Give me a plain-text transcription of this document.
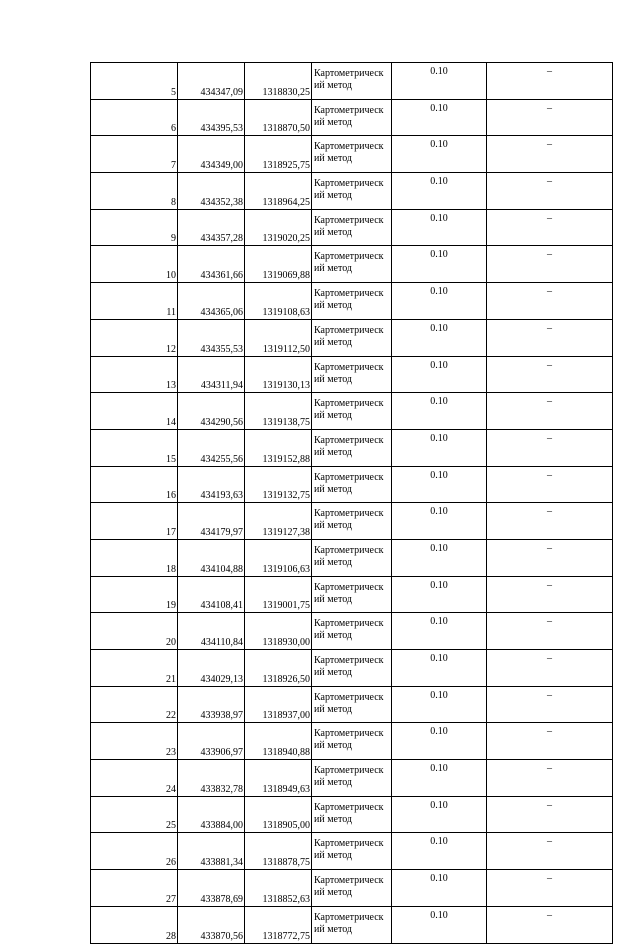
5	434347,09	1318830,25	Картометрическ
ий метод	0.10	–
6	434395,53	1318870,50	Картометрическ
ий метод	0.10	–
7	434349,00	1318925,75	Картометрическ
ий метод	0.10	–
8	434352,38	1318964,25	Картометрическ
ий метод	0.10	–
9	434357,28	1319020,25	Картометрическ
ий метод	0.10	–
10	434361,66	1319069,88	Картометрическ
ий метод	0.10	–
11	434365,06	1319108,63	Картометрическ
ий метод	0.10	–
12	434355,53	1319112,50	Картометрическ
ий метод	0.10	–
13	434311,94	1319130,13	Картометрическ
ий метод	0.10	–
14	434290,56	1319138,75	Картометрическ
ий метод	0.10	–
15	434255,56	1319152,88	Картометрическ
ий метод	0.10	–
16	434193,63	1319132,75	Картометрическ
ий метод	0.10	–
17	434179,97	1319127,38	Картометрическ
ий метод	0.10	–
18	434104,88	1319106,63	Картометрическ
ий метод	0.10	–
19	434108,41	1319001,75	Картометрическ
ий метод	0.10	–
20	434110,84	1318930,00	Картометрическ
ий метод	0.10	–
21	434029,13	1318926,50	Картометрическ
ий метод	0.10	–
22	433938,97	1318937,00	Картометрическ
ий метод	0.10	–
23	433906,97	1318940,88	Картометрическ
ий метод	0.10	–
24	433832,78	1318949,63	Картометрическ
ий метод	0.10	–
25	433884,00	1318905,00	Картометрическ
ий метод	0.10	–
26	433881,34	1318878,75	Картометрическ
ий метод	0.10	–
27	433878,69	1318852,63	Картометрическ
ий метод	0.10	–
28	433870,56	1318772,75	Картометрическ
ий метод	0.10	–
